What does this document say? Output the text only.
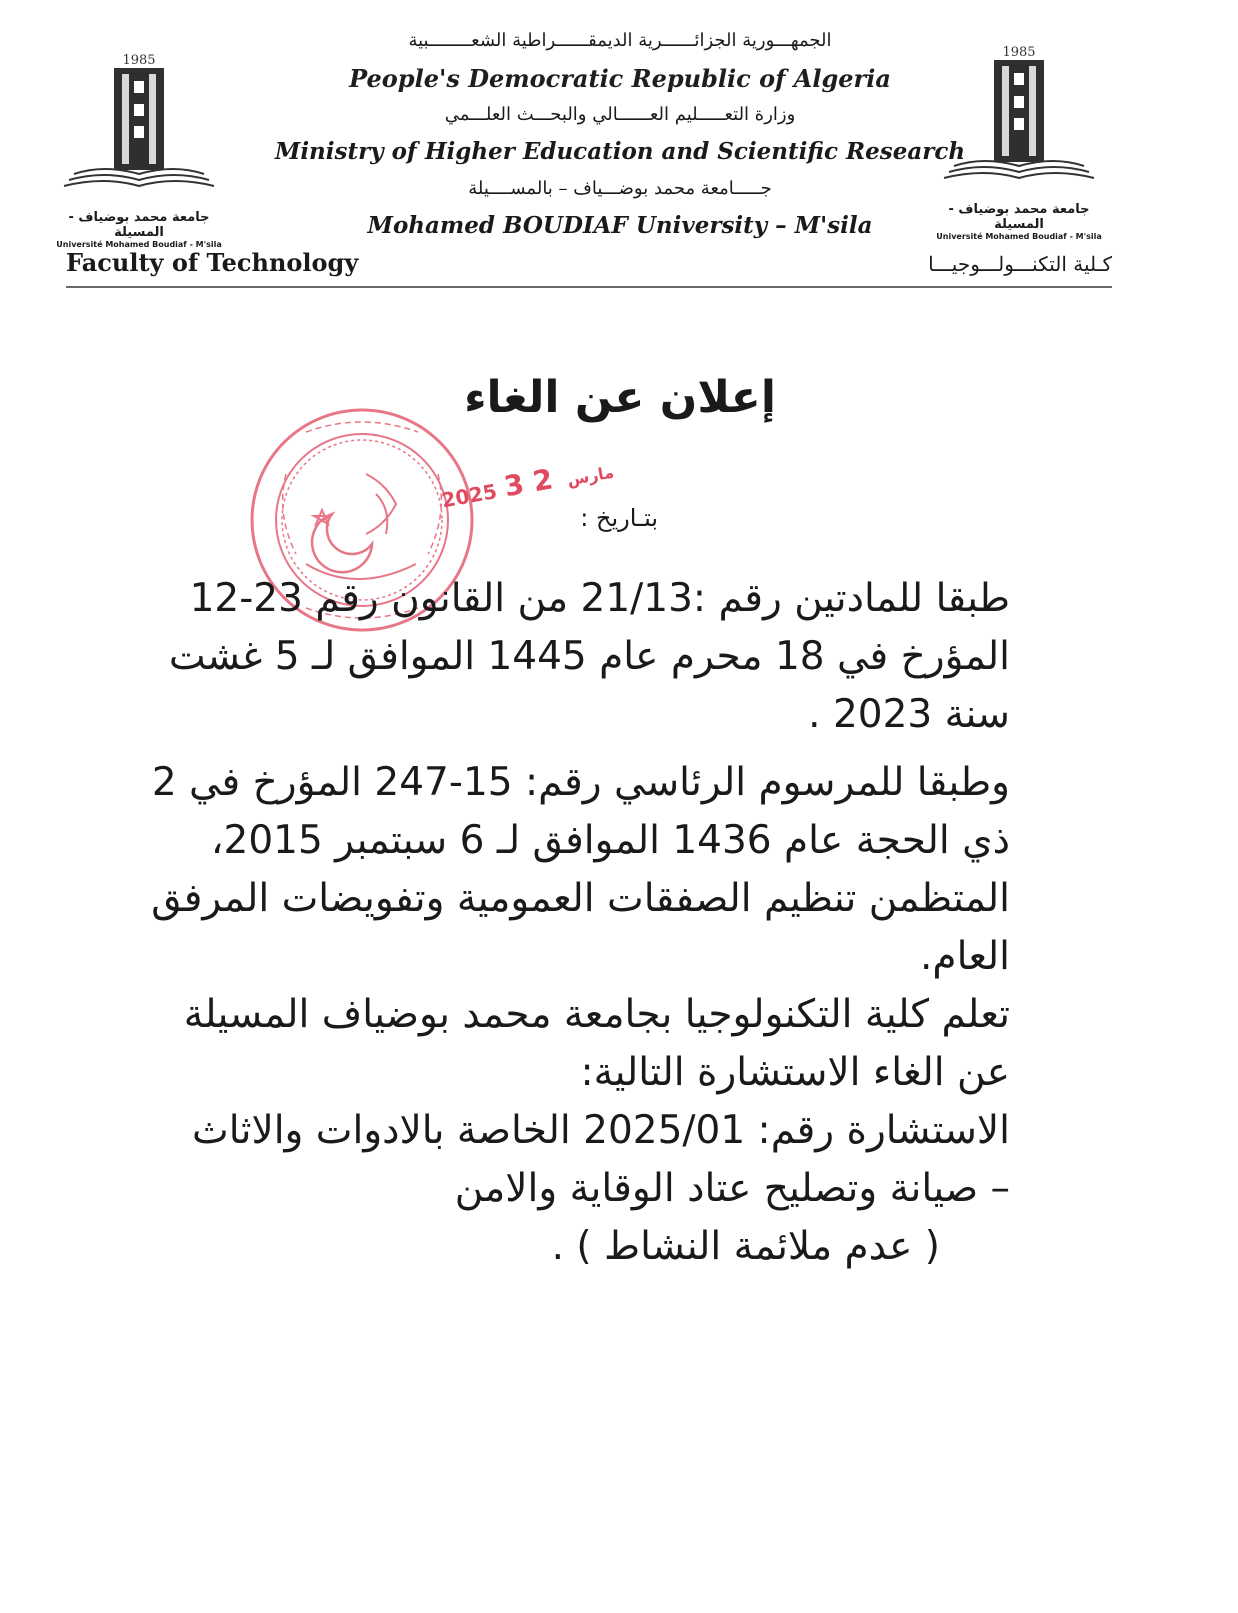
الجمهـــورية الجزائــــــرية الديمقــــــراطية الشعــــــــبية
People's Democratic Republic of Algeria
وزارة التعـــــليم العــــــالي والبحـــث العلـــمي
Ministry of Higher Education and Scientific Research
جـــــامعة محمد بوضـــياف – بالمســــيلة
Mohamed BOUDIAF University – M'sila
1985
جامعة محمد بوضياف - المسيلة
Université Mohamed Boudiaf - M'sila
1985
جامعة محمد بوضياف - المسيلة
Université Mohamed Boudiaf - M'sila
Faculty of Technology	كـلية التكنـــولـــوجيـــا
إعلان عن الغاء
2025 مارس 2 3
بتـاريخ :

طبقا للمادتين رقم :21/13 من القانون رقم 23-12
المؤرخ في 18 محرم عام 1445 الموافق لـ 5 غشت
سنة 2023 .

وطبقا للمرسوم الرئاسي رقم: 15-247 المؤرخ في 2
ذي الحجة عام 1436 الموافق لـ 6 سبتمبر 2015،
المتظمن تنظيم الصفقات العمومية وتفويضات المرفق
العام.

تعلم كلية التكنولوجيا بجامعة محمد بوضياف المسيلة
عن الغاء الاستشارة التالية:

الاستشارة رقم: 2025/01 الخاصة بالادوات والاثاث
– صيانة وتصليح عتاد الوقاية والامن
( عدم ملائمة النشاط ) .
